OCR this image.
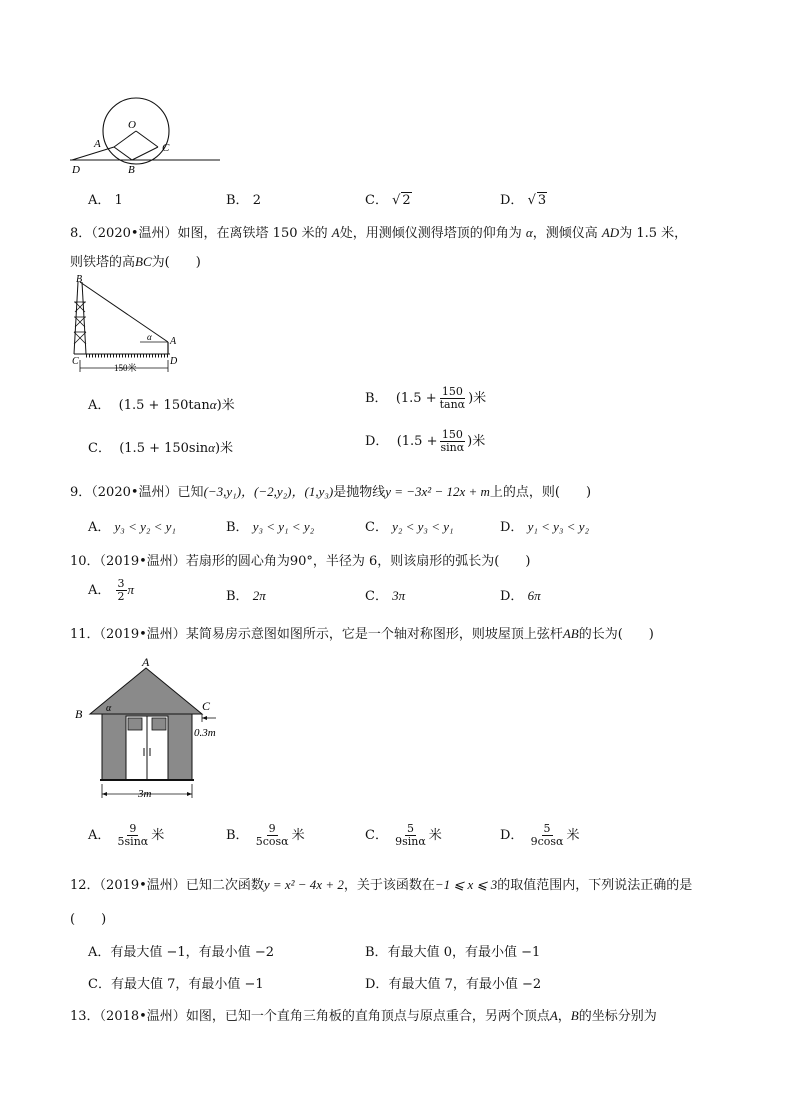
O
A	C
D	B
A． 1	B． 2	C． √ 2	D． √ 3
8．（2020•温州）如图，在离铁塔 150 米的 A处，用测倾仪测得塔顶的仰角为 α，测倾仪高 AD为 1.5 米，
则铁塔的高BC为(　　)
B
C	D
A
α
150米
A． (1.5 + 150tanα)米	B． ($1.5 + \frac{150}{\tan\alpha}$ )米
C． (1.5 + 150sinα)米	D． ($1.5 + \frac{150}{\sin\alpha}$ )米
9．（2020•温州）已知(−3,y₁)，(−2,y₂)，(1,y₃)是抛物线y = −3x² − 12x + m上的点，则(　　)
A． y₃ < y₂ < y₁	B． y₃ < y₁ < y₂	C． y₂ < y₃ < y₁	D． y₁ < y₃ < y₂
10．（2019•温州）若扇形的圆心角为90°，半径为 6，则该扇形的弧长为(　　)
A． $\frac{3}{2}$ π	B． 2π	C． 3π	D． 6π
11．（2019•温州）某简易房示意图如图所示，它是一个轴对称图形，则坡屋顶上弦杆AB的长为(　　)
A
B
C
α
0.3m
3m
A． $\frac{9}{5\sin\alpha}$ 米	B． $\frac{9}{5\cos\alpha}$ 米	C． $\frac{5}{9\sin\alpha}$ 米	D． $\frac{5}{9\cos\alpha}$ 米
12．（2019•温州）已知二次函数y = x² − 4x + 2，关于该函数在−1 ⩽ x ⩽ 3的取值范围内，下列说法正确的是
(　　)
A．有最大值 −1，有最小值 −2	B．有最大值 0，有最小值 −1
C．有最大值 7，有最小值 −1	D．有最大值 7，有最小值 −2
13．（2018•温州）如图，已知一个直角三角板的直角顶点与原点重合，另两个顶点A，B的坐标分别为
